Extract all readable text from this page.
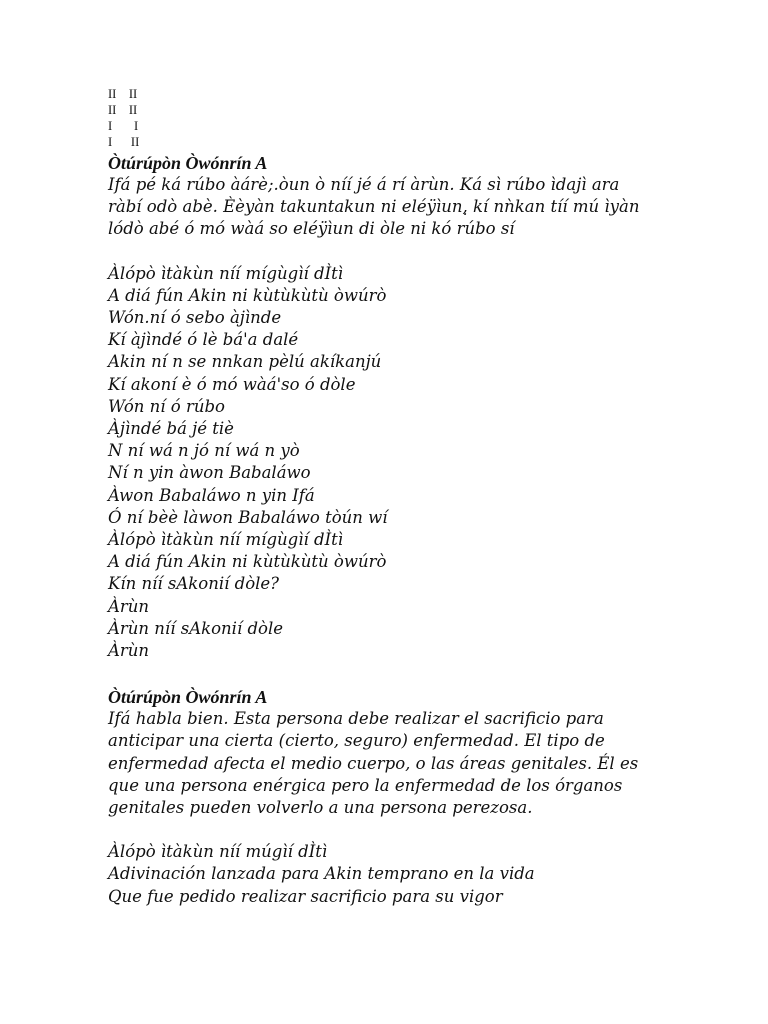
II    II
II    II
I       I
I      II
Òtúrúpòn Òwónrín A
Ifá pé ká rúbo àárè;.òun ò níí jé á rí àrùn. Ká sì rúbo ìdajì ara
ràbí odò abè. Èèyàn takuntakun ni eléÿìun,̣ kí nǹkan tíí mú ìyàn
lódò abé ó mó wàá so eléÿìun di òle ni kó rúbo sí
Àlópò ìtàkùn níí mígùgìí dÌtì
A diá fún Akin ni kùtùkùtù òwúrò
Wón.ní ó sebo àjìnde
Kí àjìndé ó lè bá'a dalé
Akin ní n se nnkan pèlú akíkanjú
Kí akoní è ó mó wàá'so ó dòle
Wón ní ó rúbo
Àjìndé bá jé tiè
N ní wá n jó ní wá n yò
Ní n yin àwon Babaláwo
Àwon Babaláwo n yin Ifá
Ó ní bèè làwon Babaláwo tòún wí
Àlópò ìtàkùn níí mígùgìí dÌtì
A diá fún Akin ni kùtùkùtù òwúrò
Kín níí sAkonií dòle?
Àrùn
Àrùn níí sAkonií dòle
Àrùn
Òtúrúpòn Òwónrín A
Ifá habla bien. Esta persona debe realizar el sacrificio para
anticipar una cierta (cierto, seguro) enfermedad. El tipo de
enfermedad afecta el medio cuerpo, o las áreas genitales. Él es
que una persona enérgica pero la enfermedad de los órganos
genitales pueden volverlo a una persona perezosa.
Àlópò ìtàkùn níí múgìí dÌtì
Adivinación lanzada para Akin temprano en la vida
Que fue pedido realizar sacrificio para su vigor
